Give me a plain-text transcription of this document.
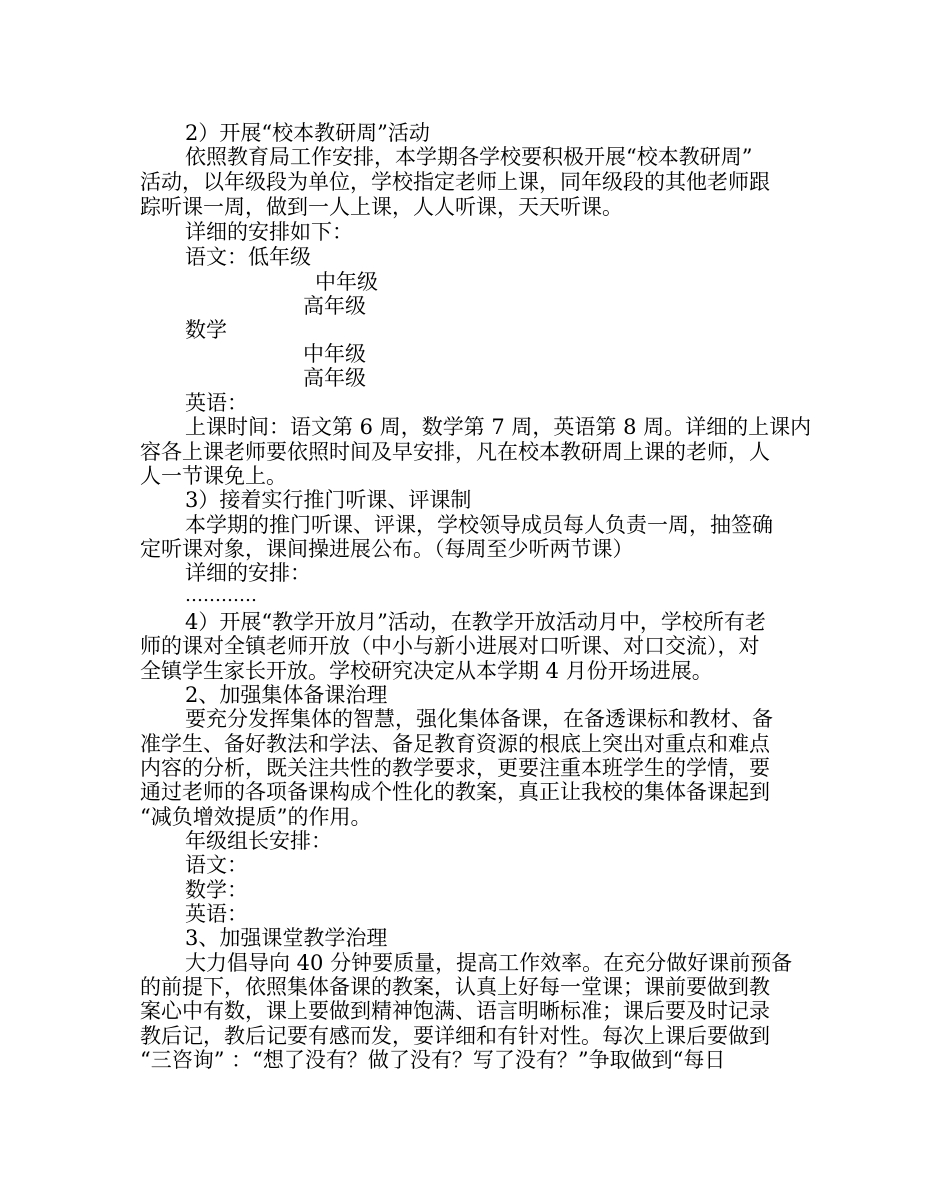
2）开展“校本教研周”活动
依照教育局工作安排，本学期各学校要积极开展“校本教研周”
活动，以年级段为单位，学校指定老师上课，同年级段的其他老师跟
踪听课一周，做到一人上课，人人听课，天天听课。
详细的安排如下：
语文：低年级
中年级
高年级
数学
中年级
高年级
英语：
上课时间：语文第 6 周，数学第 7 周，英语第 8 周。详细的上课内
容各上课老师要依照时间及早安排，凡在校本教研周上课的老师，人
人一节课免上。
3）接着实行推门听课、评课制
本学期的推门听课、评课，学校领导成员每人负责一周，抽签确
定听课对象，课间操进展公布。（每周至少听两节课）
详细的安排：
…………
4）开展“教学开放月”活动，在教学开放活动月中，学校所有老
师的课对全镇老师开放（中小与新小进展对口听课、对口交流），对
全镇学生家长开放。学校研究决定从本学期 4 月份开场进展。
2、加强集体备课治理
要充分发挥集体的智慧，强化集体备课，在备透课标和教材、备
准学生、备好教法和学法、备足教育资源的根底上突出对重点和难点
内容的分析，既关注共性的教学要求，更要注重本班学生的学情，要
通过老师的各项备课构成个性化的教案，真正让我校的集体备课起到
“减负增效提质”的作用。
年级组长安排：
语文：
数学：
英语：
3、加强课堂教学治理
大力倡导向 40 分钟要质量，提高工作效率。在充分做好课前预备
的前提下，依照集体备课的教案，认真上好每一堂课；课前要做到教
案心中有数，课上要做到精神饱满、语言明晰标准；课后要及时记录
教后记，教后记要有感而发，要详细和有针对性。每次上课后要做到
“三咨询” ：“想了没有？做了没有？写了没有？”争取做到“每日
